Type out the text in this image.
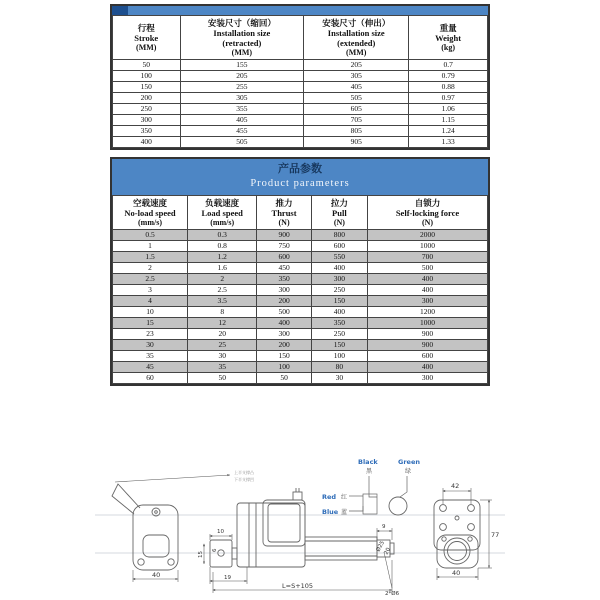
行程
Stroke
(MM)	安装尺寸（缩回）
Installation size
(retracted)
(MM)	安装尺寸（伸出）
Installation size
(extended)
(MM)	重量
Weight
(kg)

50	155	205	0.7
100	205	305	0.79
150	255	405	0.88
200	305	505	0.97
250	355	605	1.06
300	405	705	1.15
350	455	805	1.24
400	505	905	1.33
产品参数
Product parameters
空载速度
No-load speed
(mm/s)	负载速度
Load speed
(mm/s)	推力
Thrust
(N)	拉力
Pull
(N)	自锁力
Self-locking force
(N)

0.5	0.3	900	800	2000
1	0.8	750	600	1000
1.5	1.2	600	550	700
2	1.6	450	400	500
2.5	2	350	300	400
3	2.5	300	250	400
4	3.5	200	150	300
10	8	500	400	1200
15	12	400	350	1000
23	20	300	250	900
30	25	200	150	900
35	30	150	100	600
45	35	100	80	400
60	50	50	30	300
上半支撑凸
下半支撑凹
40
6
10
15
19
9
Ø25
20
2*Ø6
L=S+105
Black	Green
黑	绿
Red 红
Blue 蓝
42
77
40
